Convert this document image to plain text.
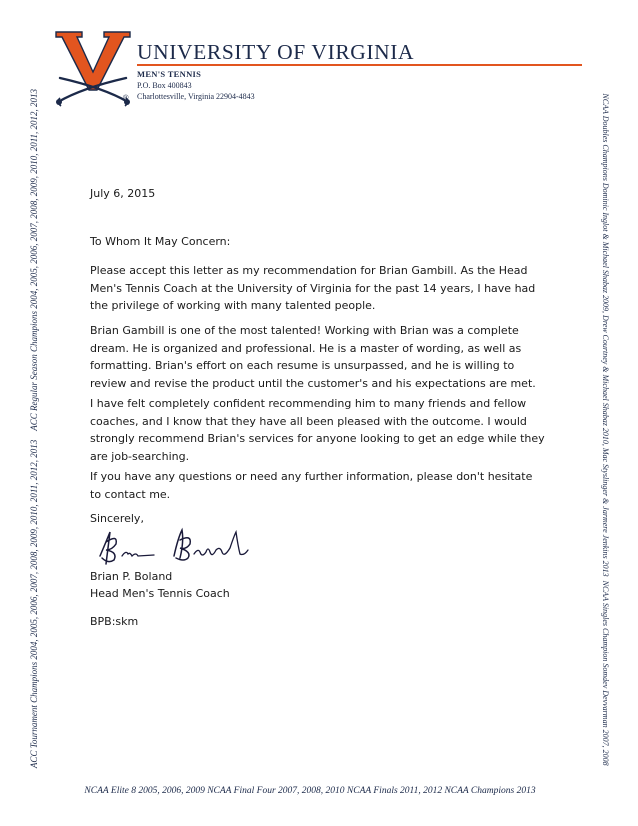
®
UNIVERSITY OF VIRGINIA
MEN'S TENNIS
P.O. Box 400843
Charlottesville, Virginia 22904-4843
ACC Tournament Champions 2004, 2005, 2006, 2007, 2008, 2009, 2010, 2011, 2012, 2013    ACC Regular Season Champions 2004, 2005, 2006, 2007, 2008, 2009, 2010, 2011, 2012, 2013	NCAA Doubles Champions Dominic Inglot & Michael Shabaz 2009, Drew Courtney & Michael Shabaz 2010, Mac Styslinger & Jarmere Jenkins 2013  NCAA Singles Champion Somdev Devvarman 2007, 2008
NCAA Elite 8 2005, 2006, 2009 NCAA Final Four 2007, 2008, 2010 NCAA Finals 2011, 2012 NCAA Champions 2013
July 6, 2015
To Whom It May Concern:

Please accept this letter as my recommendation for Brian Gambill. As the Head Men's Tennis Coach at the University of Virginia for the past 14 years, I have had the privilege of working with many talented people.

Brian Gambill is one of the most talented! Working with Brian was a complete dream. He is organized and professional. He is a master of wording, as well as formatting. Brian's effort on each resume is unsurpassed, and he is willing to review and revise the product until the customer's and his expectations are met.

I have felt completely confident recommending him to many friends and fellow coaches, and I know that they have all been pleased with the outcome. I would strongly recommend Brian's services for anyone looking to get an edge while they are job-searching.

If you have any questions or need any further information, please don't hesitate to contact me.

Sincerely,
Brian P. Boland
Head Men's Tennis Coach
BPB:skm
